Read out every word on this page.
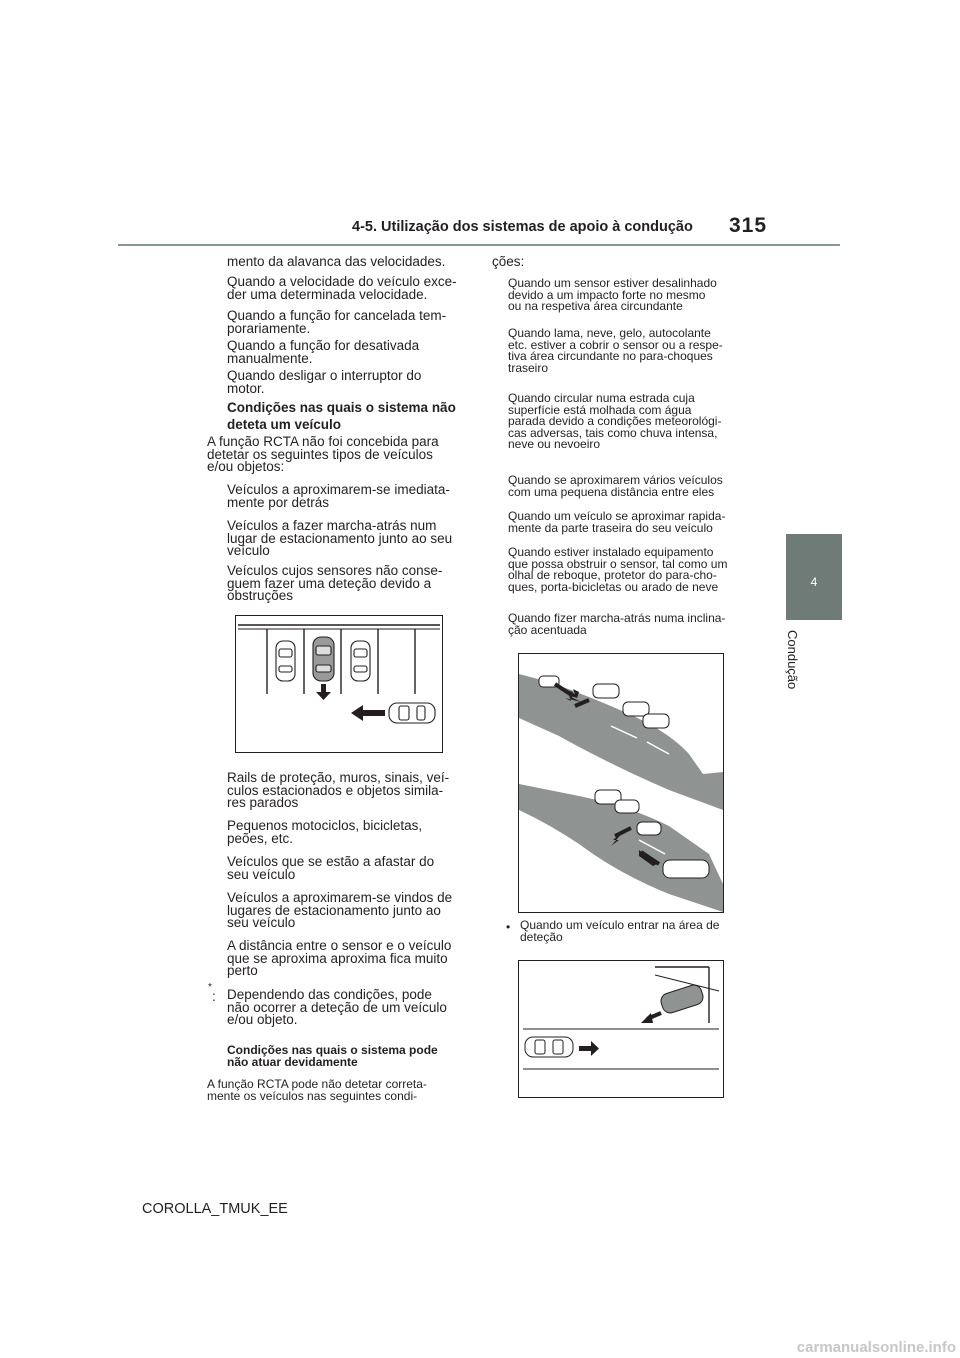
4-5. Utilização dos sistemas de apoio à condução 315
4
Condução

mento da alavanca das velocidades.

Quando a velocidade do veículo exce-
der uma determinada velocidade.

Quando a função for cancelada tem-
porariamente.

Quando a função for desativada
manualmente.

Quando desligar o interruptor do
motor.

Condições nas quais o sistema não

deteta um veículo

A função RCTA não foi concebida para
detetar os seguintes tipos de veículos
e/ou objetos:

Veículos a aproximarem-se imediata-
mente por detrás

Veículos a fazer marcha-atrás num
lugar de estacionamento junto ao seu
veículo

Veículos cujos sensores não conse-
guem fazer uma deteção devido a
obstruções

Rails de proteção, muros, sinais, veí-
culos estacionados e objetos simila-
res parados

Pequenos motociclos, bicicletas,
peões, etc.

Veículos que se estão a afastar do
seu veículo

Veículos a aproximarem-se vindos de
lugares de estacionamento junto ao
seu veículo

A distância entre o sensor e o veículo
que se aproxima aproxima fica muito
perto

*
: Dependendo das condições, pode
não ocorrer a deteção de um veículo
e/ou objeto.

Condições nas quais o sistema pode
não atuar devidamente

A função RCTA pode não detetar correta-
mente os veículos nas seguintes condi-

ções:

Quando um sensor estiver desalinhado
devido a um impacto forte no mesmo
ou na respetiva área circundante

Quando lama, neve, gelo, autocolante
etc. estiver a cobrir o sensor ou a respe-
tiva área circundante no para-choques
traseiro

Quando circular numa estrada cuja
superfície está molhada com água
parada devido a condições meteorológi-
cas adversas, tais como chuva intensa,
neve ou nevoeiro

Quando se aproximarem vários veículos
com uma pequena distância entre eles

Quando um veículo se aproximar rapida-
mente da parte traseira do seu veículo

Quando estiver instalado equipamento
que possa obstruir o sensor, tal como um
olhal de reboque, protetor do para-cho-
ques, porta-bicicletas ou arado de neve

Quando fizer marcha-atrás numa inclina-
ção acentuada

• Quando um veículo entrar na área de
deteção

COROLLA_TMUK_EE
carmanualsonline.info
